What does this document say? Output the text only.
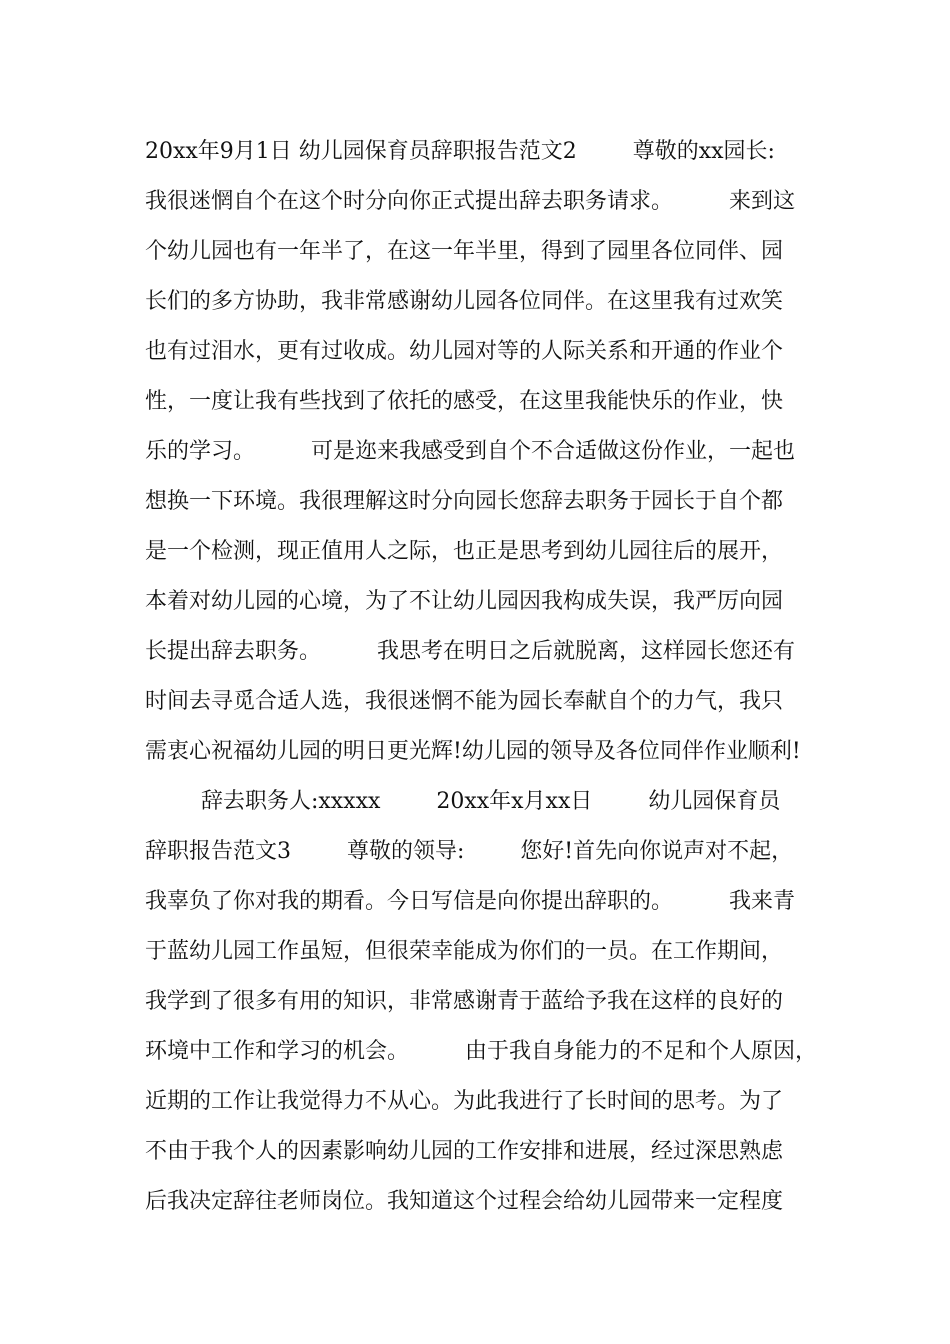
20xx年9月1日 幼儿园保育员辞职报告范文2        尊敬的xx园长:
我很迷惘自个在这个时分向你正式提出辞去职务请求。        来到这
个幼儿园也有一年半了，在这一年半里，得到了园里各位同伴、园
长们的多方协助，我非常感谢幼儿园各位同伴。在这里我有过欢笑
也有过泪水，更有过收成。幼儿园对等的人际关系和开通的作业个
性，一度让我有些找到了依托的感受，在这里我能快乐的作业，快
乐的学习。        可是迩来我感受到自个不合适做这份作业，一起也
想换一下环境。我很理解这时分向园长您辞去职务于园长于自个都
是一个检测，现正值用人之际，也正是思考到幼儿园往后的展开，
本着对幼儿园的心境，为了不让幼儿园因我构成失误，我严厉向园
长提出辞去职务。        我思考在明日之后就脱离，这样园长您还有
时间去寻觅合适人选，我很迷惘不能为园长奉献自个的力气，我只
需衷心祝福幼儿园的明日更光辉!幼儿园的领导及各位同伴作业顺利!
辞去职务人:xxxxx        20xx年x月xx日        幼儿园保育员
辞职报告范文3        尊敬的领导:        您好!首先向你说声对不起，
我辜负了你对我的期看。今日写信是向你提出辞职的。        我来青
于蓝幼儿园工作虽短，但很荣幸能成为你们的一员。在工作期间，
我学到了很多有用的知识，非常感谢青于蓝给予我在这样的良好的
环境中工作和学习的机会。        由于我自身能力的不足和个人原因，
近期的工作让我觉得力不从心。为此我进行了长时间的思考。为了
不由于我个人的因素影响幼儿园的工作安排和进展，经过深思熟虑
后我决定辞往老师岗位。我知道这个过程会给幼儿园带来一定程度
